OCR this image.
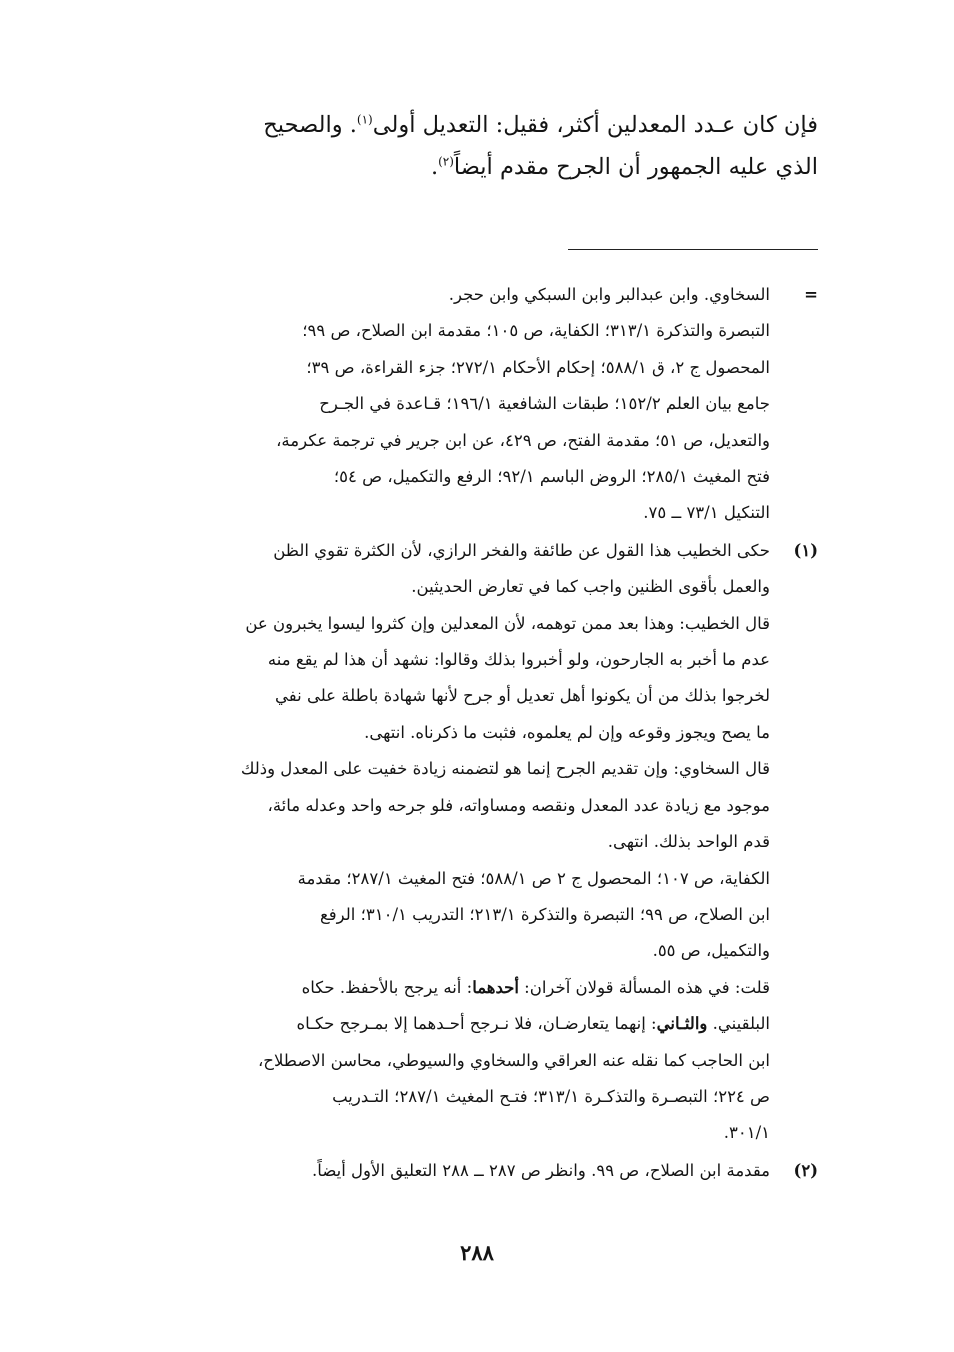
فإن كان عـدد المعدلين أكثر، فقيل: التعديل أولى$^{(١)}$. والصحيح

الذي عليه الجمهور أن الجرح مقدم أيضاً$^{(٢)}$.

=

السخاوي. وابن عبدالبر وابن السبكي وابن حجر.

التبصرة والتذكرة ٣١٣/١؛ الكفاية، ص ١٠٥؛ مقدمة ابن الصلاح، ص ٩٩؛

المحصول ج ٢، ق ٥٨٨/١؛ إحكام الأحكام ٢٧٢/١؛ جزء القراءة، ص ٣٩؛

جامع بيان العلم ١٥٢/٢؛ طبقات الشافعية ١٩٦/١؛ قـاعدة في الجـرح

والتعديل، ص ٥١؛ مقدمة الفتح، ص ٤٢٩، عن ابن جرير في ترجمة عكرمة،

فتح المغيث ٢٨٥/١؛ الروض الباسم ٩٢/١؛ الرفع والتكميل، ص ٥٤؛

التنكيل ٧٣/١ ــ ٧٥.

(١)

حكى الخطيب هذا القول عن طائفة والفخر الرازي، لأن الكثرة تقوي الظن

والعمل بأقوى الظنين واجب كما في تعارض الحديثين.

قال الخطيب: وهذا بعد ممن توهمه، لأن المعدلين وإن كثروا ليسوا يخبرون عن

عدم ما أخبر به الجارحون، ولو أخبروا بذلك وقالوا: نشهد أن هذا لم يقع منه

لخرجوا بذلك من أن يكونوا أهل تعديل أو جرح لأنها شهادة باطلة على نفي

ما يصح ويجوز وقوعه وإن لم يعلموه، فثبت ما ذكرناه. انتهى.

قال السخاوي: وإن تقديم الجرح إنما هو لتضمنه زيادة خفيت على المعدل وذلك

موجود مع زيادة عدد المعدل ونقصه ومساواته، فلو جرحه واحد وعدله مائة،

قدم الواحد بذلك. انتهى.

الكفاية، ص ١٠٧؛ المحصول ج ٢ ص ٥٨٨/١؛ فتح المغيث ٢٨٧/١؛ مقدمة

ابن الصلاح، ص ٩٩؛ التبصرة والتذكرة ٢١٣/١؛ التدريب ٣١٠/١؛ الرفع

والتكميل، ص ٥٥.

قلت: في هذه المسألة قولان آخران: أحدهما: أنه يرجح بالأحفظ. حكاه

البلقيني. والثـاني: إنهما يتعارضـان، فلا نـرجح أحـدهما إلا بمـرجح حكـاه

ابن الحاجب كما نقله عنه العراقي والسخاوي والسيوطي، محاسن الاصطلاح،

ص ٢٢٤؛ التبصـرة والتذكـرة ٣١٣/١؛ فتـح المغيث ٢٨٧/١؛ التـدريب

٣٠١/١.

(٢)

مقدمة ابن الصلاح، ص ٩٩. وانظر ص ٢٨٧ ــ ٢٨٨ التعليق الأول أيضاً.

٢٨٨
